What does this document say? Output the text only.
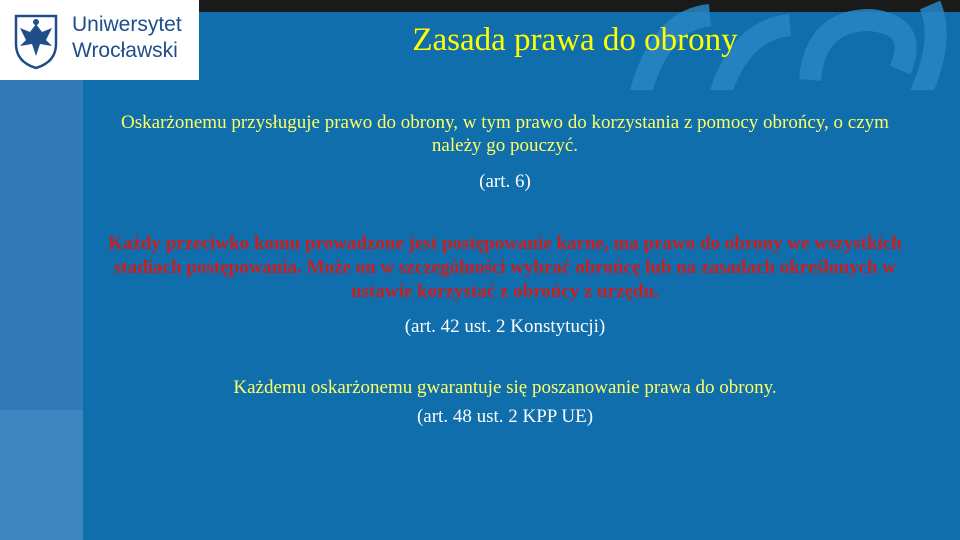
Uniwersytet
Wrocławski	Zasada prawa do obrony
Oskarżonemu przysługuje prawo do obrony, w tym prawo do korzystania z pomocy obrońcy, o czym należy go pouczyć.
(art. 6)
Każdy przeciwko komu prowadzone jest postępowanie karne, ma prawo do obrony we wszystkich stadiach postępowania. Może on w szczególności wybrać obrońcę lub na zasadach określonych w ustawie korzystać z obrońcy z urzędu.
(art. 42 ust. 2 Konstytucji)
Każdemu oskarżonemu gwarantuje się poszanowanie prawa do obrony.
(art. 48 ust. 2 KPP UE)
